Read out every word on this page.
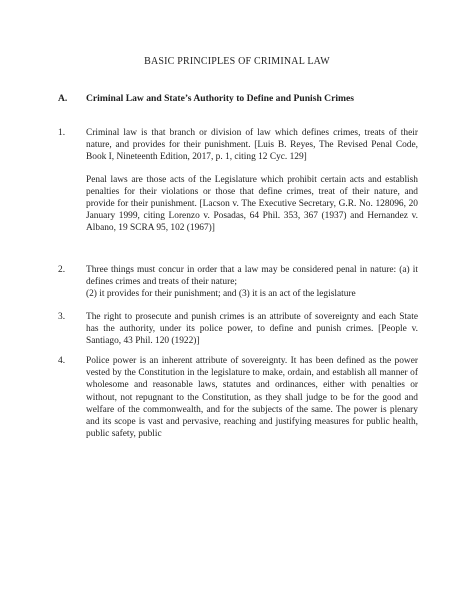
BASIC PRINCIPLES OF CRIMINAL LAW
A. Criminal Law and State’s Authority to Define and Punish Crimes
1. Criminal law is that branch or division of law which defines crimes, treats of their nature, and provides for their punishment. [Luis B. Reyes, The Revised Penal Code, Book I, Nineteenth Edition, 2017, p. 1, citing 12 Cyc. 129]

Penal laws are those acts of the Legislature which prohibit certain acts and establish penalties for their violations or those that define crimes, treat of their nature, and provide for their punishment. [Lacson v. The Executive Secretary, G.R. No. 128096, 20 January 1999, citing Lorenzo v. Posadas, 64 Phil. 353, 367 (1937) and Hernandez v. Albano, 19 SCRA 95, 102 (1967)]

2. Three things must concur in order that a law may be considered penal in nature: (a) it defines crimes and treats of their nature;
(2) it provides for their punishment; and (3) it is an act of the legislature
3. The right to prosecute and punish crimes is an attribute of sovereignty and each State has the authority, under its police power, to define and punish crimes. [People v. Santiago, 43 Phil. 120 (1922)]

4. Police power is an inherent attribute of sovereignty. It has been defined as the power vested by the Constitution in the legislature to make, ordain, and establish all manner of wholesome and reasonable laws, statutes and ordinances, either with penalties or without, not repugnant to the Constitution, as they shall judge to be for the good and welfare of the commonwealth, and for the subjects of the same. The power is plenary and its scope is vast and pervasive, reaching and justifying measures for public health, public safety, public
